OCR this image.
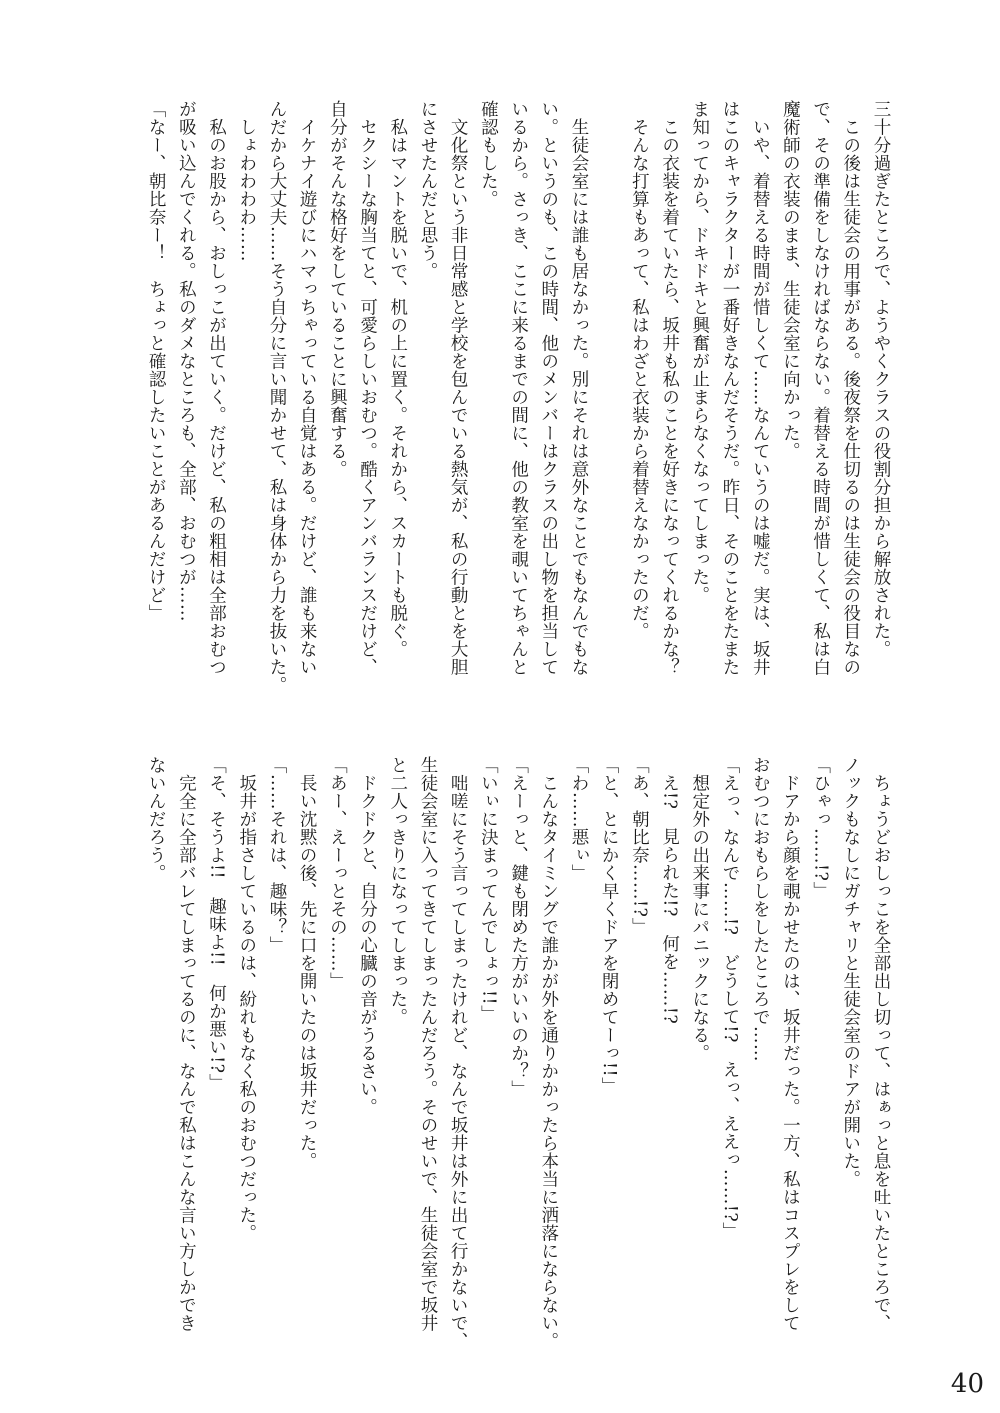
三十分過ぎたところで、ようやくクラスの役割分担から解放された。
　この後は生徒会の用事がある。後夜祭を仕切るのは生徒会の役目なの
で、その準備をしなければならない。着替える時間が惜しくて、私は白
魔術師の衣装のまま、生徒会室に向かった。
　いや、着替える時間が惜しくて……なんていうのは嘘だ。実は、坂井
はこのキャラクターが一番好きなんだそうだ。昨日、そのことをたまた
ま知ってから、ドキドキと興奮が止まらなくなってしまった。
　この衣装を着ていたら、坂井も私のことを好きになってくれるかな？
　そんな打算もあって、私はわざと衣装から着替えなかったのだ。
　生徒会室には誰も居なかった。別にそれは意外なことでもなんでもな
い。というのも、この時間、他のメンバーはクラスの出し物を担当して
いるから。さっき、ここに来るまでの間に、他の教室を覗いてちゃんと
確認もした。
　文化祭という非日常感と学校を包んでいる熱気が、私の行動とを大胆
にさせたんだと思う。
　私はマントを脱いで、机の上に置く。それから、スカートも脱ぐ。
　セクシーな胸当てと、可愛らしいおむつ。酷くアンバランスだけど、
自分がそんな格好をしていることに興奮する。
　イケナイ遊びにハマっちゃっている自覚はある。だけど、誰も来ない
んだから大丈夫……そう自分に言い聞かせて、私は身体から力を抜いた。
　しょわわわわ……
　私のお股から、おしっこが出ていく。だけど、私の粗相は全部おむつ
が吸い込んでくれる。私のダメなところも、全部、おむつが……
「なー、朝比奈ー！　ちょっと確認したいことがあるんだけど」
　ちょうどおしっこを全部出し切って、はぁっと息を吐いたところで、
ノックもなしにガチャリと生徒会室のドアが開いた。
「ひゃっ……!?」
　ドアから顔を覗かせたのは、坂井だった。一方、私はコスプレをして
おむつにおもらしをしたところで……
「えっ、なんで……!?　どうして!?　えっ、ええっ……!?」
　想定外の出来事にパニックになる。
　え!?　見られた!?　何を……!?
「あ、朝比奈……!?」
「と、とにかく早くドアを閉めてーっ!!」
「わ……悪ぃ」
　こんなタイミングで誰かが外を通りかかったら本当に洒落にならない。
「えーっと、鍵も閉めた方がいいのか？」
「いぃに決まってんでしょっ!!」
　咄嗟にそう言ってしまったけれど、なんで坂井は外に出て行かないで、
生徒会室に入ってきてしまったんだろう。そのせいで、生徒会室で坂井
と二人っきりになってしまった。
　ドクドクと、自分の心臓の音がうるさい。
「あー、えーっとその……」
　長い沈黙の後、先に口を開いたのは坂井だった。
「……それは、趣味？」
　坂井が指さしているのは、紛れもなく私のおむつだった。
「そ、そうよ!!　趣味よ!!　何か悪い!?」
　完全に全部バレてしまってるのに、なんで私はこんな言い方しかでき
ないんだろう。
40
